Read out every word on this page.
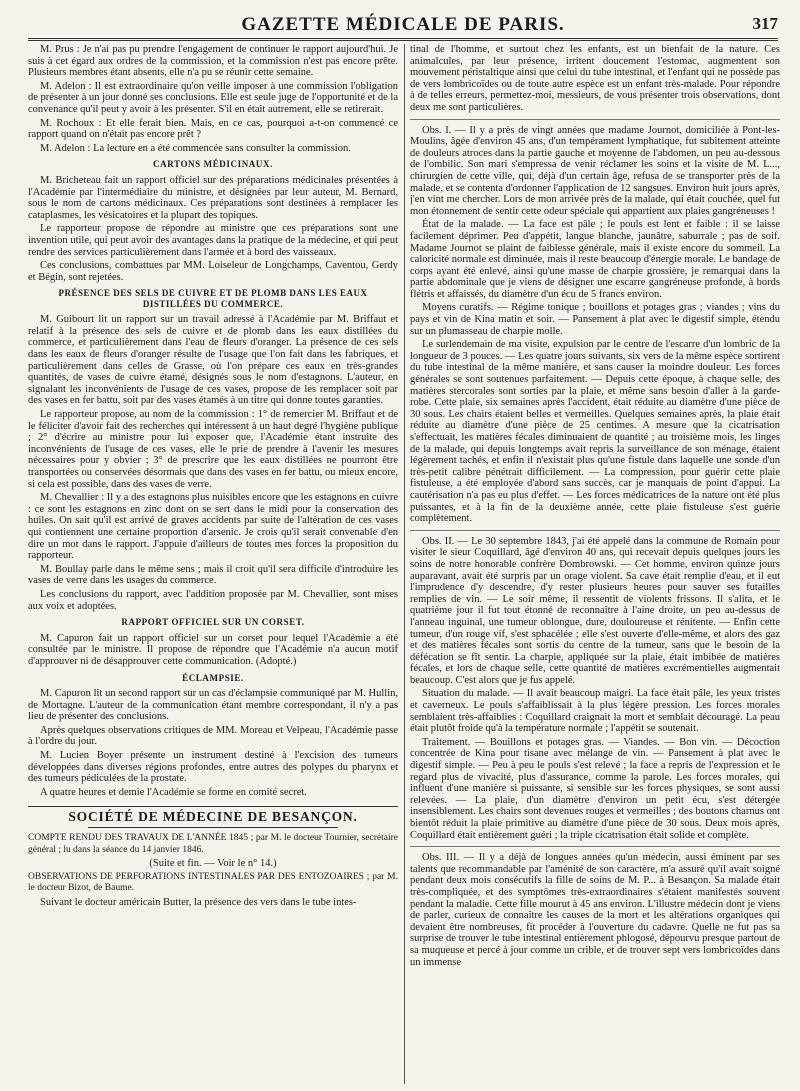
GAZETTE MÉDICALE DE PARIS.	317

M. Prus : Je n'ai pas pu prendre l'engagement de continuer le rapport aujourd'hui. Je suis à cet égard aux ordres de la commission, et la commission n'est pas encore prête. Plusieurs membres étant absents, elle n'a pu se réunir cette semaine.

M. Adelon : Il est extraordinaire qu'on veille imposer à une commission l'obligation de présenter à un jour donné ses conclusions. Elle est seule juge de l'opportunité et de la convenance qu'il peut y avoir à les présenter. S'il en était autrement, elle se retirerait.

M. Rochoux : Et elle ferait bien. Mais, en ce cas, pourquoi a-t-on commencé ce rapport quand on n'était pas encore prêt ?

M. Adelon : La lecture en a été commencée sans consulter la commission.

CARTONS MÉDICINAUX.

M. Bricheteau fait un rapport officiel sur des préparations médicinales présentées à l'Académie par l'intermédiaire du ministre, et désignées par leur auteur, M. Bernard, sous le nom de cartons médicinaux. Ces préparations sont destinées à remplacer les cataplasmes, les vésicatoires et la plupart des topiques.

Le rapporteur propose de répondre au ministre que ces préparations sont une invention utile, qui peut avoir des avantages dans la pratique de la médecine, et qui peut rendre des services particulièrement dans l'armée et à bord des vaisseaux.

Ces conclusions, combattues par MM. Loiseleur de Longchamps, Caventou, Gerdy et Bégin, sont rejetées.

PRÉSENCE DES SELS DE CUIVRE ET DE PLOMB DANS LES EAUX DISTILLÉES DU COMMERCE.

M. Guibourt lit un rapport sur un travail adressé à l'Académie par M. Briffaut et relatif à la présence des sels de cuivre et de plomb dans les eaux distillées du commerce, et particulièrement dans l'eau de fleurs d'oranger. La présence de ces sels dans les eaux de fleurs d'oranger résulte de l'usage que l'on fait dans les fabriques, et particulièrement dans celles de Grasse, où l'on prépare ces eaux en très-grandes quantités, de vases de cuivre étamé, désignés sous le nom d'estagnons. L'auteur, en signalant les inconvénients de l'usage de ces vases, propose de les remplacer soit par des vases en fer battu, soit par des vases étamés à un titre qui donne toutes garanties.

Le rapporteur propose, au nom de la commission : 1° de remercier M. Briffaut et de le féliciter d'avoir fait des recherches qui intéressent à un haut degré l'hygiène publique ; 2° d'écrire au ministre pour lui exposer que, l'Académie étant instruite des inconvénients de l'usage de ces vases, elle le prie de prendre à l'avenir les mesures nécessaires pour y obvier ; 3° de prescrire que les eaux distillées ne pourront être transportées ou conservées désormais que dans des vases en fer battu, ou mieux encore, si cela est possible, dans des vases de verre.

M. Chevallier : Il y a des estagnons plus nuisibles encore que les estagnons en cuivre : ce sont les estagnons en zinc dont on se sert dans le midi pour la conservation des huiles. On sait qu'il est arrivé de graves accidents par suite de l'altération de ces vases qui contiennent une certaine proportion d'arsenic. Je crois qu'il serait convenable d'en dire un mot dans le rapport. J'appuie d'ailleurs de toutes mes forces la proposition du rapporteur.

M. Boullay parle dans le même sens ; mais il croit qu'il sera difficile d'introduire les vases de verre dans les usages du commerce.

Les conclusions du rapport, avec l'addition proposée par M. Chevallier, sont mises aux voix et adoptées.

RAPPORT OFFICIEL SUR UN CORSET.

M. Capuron fait un rapport officiel sur un corset pour lequel l'Académie a été consultée par le ministre. Il propose de répondre que l'Académie n'a aucun motif d'approuver ni de désapprouver cette communication. (Adopté.)

ÉCLAMPSIE.

M. Capuron lit un second rapport sur un cas d'éclampsie communiqué par M. Hullin, de Mortagne. L'auteur de la communication étant membre correspondant, il n'y a pas lieu de présenter des conclusions.

Après quelques observations critiques de MM. Moreau et Velpeau, l'Académie passe à l'ordre du jour.

M. Lucien Boyer présente un instrument destiné à l'excision des tumeurs développées dans diverses régions profondes, entre autres des polypes du pharynx et des tumeurs pédiculées de la prostate.

A quatre heures et demie l'Académie se forme en comité secret.

SOCIÉTÉ DE MÉDECINE DE BESANÇON.

COMPTE RENDU DES TRAVAUX DE L'ANNÉE 1845 ; par M. le docteur Tournier, secrétaire général ; lu dans la séance du 14 janvier 1846.

(Suite et fin. — Voir le n° 14.)

OBSERVATIONS DE PERFORATIONS INTESTINALES PAR DES ENTOZOAIRES ; par M. le docteur Bizot, de Baume.

Suivant le docteur américain Butter, la présence des vers dans le tube intes-

tinal de l'homme, et surtout chez les enfants, est un bienfait de la nature. Ces animalcules, par leur présence, irritent doucement l'estomac, augmentent son mouvement péristaltique ainsi que celui du tube intestinal, et l'enfant qui ne possède pas de vers lombricoïdes ou de toute autre espèce est un enfant très-malade. Pour répondre à de telles erreurs, permettez-moi, messieurs, de vous présenter trois observations, dont deux me sont particulières.

Obs. I. — Il y a près de vingt années que madame Journot, domiciliée à Pont-les-Moulins, âgée d'environ 45 ans, d'un tempérament lymphatique, fut subitement atteinte de douleurs atroces dans la partie gauche et moyenne de l'abdomen, un peu au-dessous de l'ombilic. Son mari s'empressa de venir réclamer les soins et la visite de M. L..., chirurgien de cette ville, qui, déjà d'un certain âge, refusa de se transporter près de la malade, et se contenta d'ordonner l'application de 12 sangsues. Environ huit jours après, j'en vint me chercher. Lors de mon arrivée près de la malade, qui était couchée, quel fut mon étonnement de sentir cette odeur spéciale qui appartient aux plaies gangréneuses !

État de la malade. — La face est pâle ; le pouls est lent et faible : il se laisse facilement déprimer. Peu d'appétit, langue blanche, jaunâtre, saburrale ; pas de soif. Madame Journot se plaint de faiblesse générale, mais il existe encore du sommeil. La caloricité normale est diminuée, mais il reste beaucoup d'énergie morale. Le bandage de corps ayant été enlevé, ainsi qu'une masse de charpie grossière, je remarquai dans la partie abdominale que je viens de désigner une escarre gangréneuse profonde, à bords flétris et affaissés, du diamètre d'un écu de 5 francs environ.

Moyens curatifs. — Régime tonique ; bouillons et potages gras ; viandes ; vins du pays et vin de Kina matin et soir. — Pansement à plat avec le digestif simple, étendu sur un plumasseau de charpie molle.

Le surlendemain de ma visite, expulsion par le centre de l'escarre d'un lombric de la longueur de 3 pouces. — Les quatre jours suivants, six vers de la même espèce sortirent du tube intestinal de la même manière, et sans causer la moindre douleur. Les forces générales se sont soutenues parfaitement. — Depuis cette époque, à chaque selle, des matières stercorales sont sorties par la plaie, et même sans besoin d'aller à la garde-robe. Cette plaie, six semaines après l'accident, était réduite au diamètre d'une pièce de 30 sous. Les chairs étaient belles et vermeilles. Quelques semaines après, la plaie était réduite au diamètre d'une pièce de 25 centimes. A mesure que la cicatrisation s'effectuait, les matières fécales diminuaient de quantité ; au troisième mois, les linges de la malade, qui depuis longtemps avait repris la surveillance de son ménage, étaient légèrement tachés, et enfin il n'existait plus qu'une fistule dans laquelle une sonde d'un très-petit calibre pénétrait difficilement. — La compression, pour guérir cette plaie fistuleuse, a été employée d'abord sans succès, car je manquais de point d'appui. La cautérisation n'a pas eu plus d'effet. — Les forces médicatrices de la nature ont été plus puissantes, et à la fin de la deuxième année, cette plaie fistuleuse s'est guérie complètement.

Obs. II. — Le 30 septembre 1843, j'ai été appelé dans la commune de Romain pour visiter le sieur Coquillard, âgé d'environ 40 ans, qui recevait depuis quelques jours les soins de notre honorable confrère Dombrowski. — Cet homme, environ quinze jours auparavant, avait été surpris par un orage violent. Sa cave était remplie d'eau, et il eut l'imprudence d'y descendre, d'y rester plusieurs heures pour sauver ses futailles remplies de vin. — Le soir même, il ressentit de violents frissons. Il s'alita, et le quatrième jour il fut tout étonné de reconnaître à l'aine droite, un peu au-dessus de l'anneau inguinal, une tumeur oblongue, dure, douloureuse et rénitente. — Enfin cette tumeur, d'un rouge vif, s'est sphacélée ; elle s'est ouverte d'elle-même, et alors des gaz et des matières fécales sont sortis du centre de la tumeur, sans que le besoin de la défécation se fît sentir. La charpie, appliquée sur la plaie, était imbibée de matières fécales, et lors de chaque selle, cette quantité de matières excrémentielles augmentait beaucoup. C'est alors que je fus appelé.

Situation du malade. — Il avait beaucoup maigri. La face était pâle, les yeux tristes et caverneux. Le pouls s'affaiblissait à la plus légère pression. Les forces morales semblaient très-affaiblies : Coquillard craignait la mort et semblait découragé. La peau était plutôt froide qu'à la température normale ; l'appétit se soutenait.

Traitement. — Bouillons et potages gras. — Viandes. — Bon vin. — Décoction concentrée de Kina pour tisane avec mélange de vin. — Pansement à plat avec le digestif simple. — Peu à peu le pouls s'est relevé ; la face a repris de l'expression et le regard plus de vivacité, plus d'assurance, comme la parole. Les forces morales, qui influent d'une manière si puissante, si sensible sur les forces physiques, se sont aussi relevées. — La plaie, d'un diamètre d'environ un petit écu, s'est détergée insensiblement. Les chairs sont devenues rouges et vermeilles ; des boutons charnus ont bientôt réduit la plaie primitive au diamètre d'une pièce de 30 sous. Deux mois après, Coquillard était entièrement guéri ; la triple cicatrisation était solide et complète.

Obs. III. — Il y a déjà de longues années qu'un médecin, aussi éminent par ses talents que recommandable par l'aménité de son caractère, m'a assuré qu'il avait soigné pendant deux mois consécutifs la fille de soins de M. P... à Besançon. Sa malade était très-compliquée, et des symptômes très-extraordinaires s'étaient manifestés souvent pendant la maladie. Cette fille mourut à 45 ans environ. L'illustre médecin dont je viens de parler, curieux de connaître les causes de la mort et les altérations organiques qui devaient être nombreuses, fit procéder à l'ouverture du cadavre. Quelle ne fut pas sa surprise de trouver le tube intestinal entièrement phlogosé, dépourvu presque partout de sa muqueuse et percé à jour comme un crible, et de trouver sept vers lombricoïdes dans un immense
